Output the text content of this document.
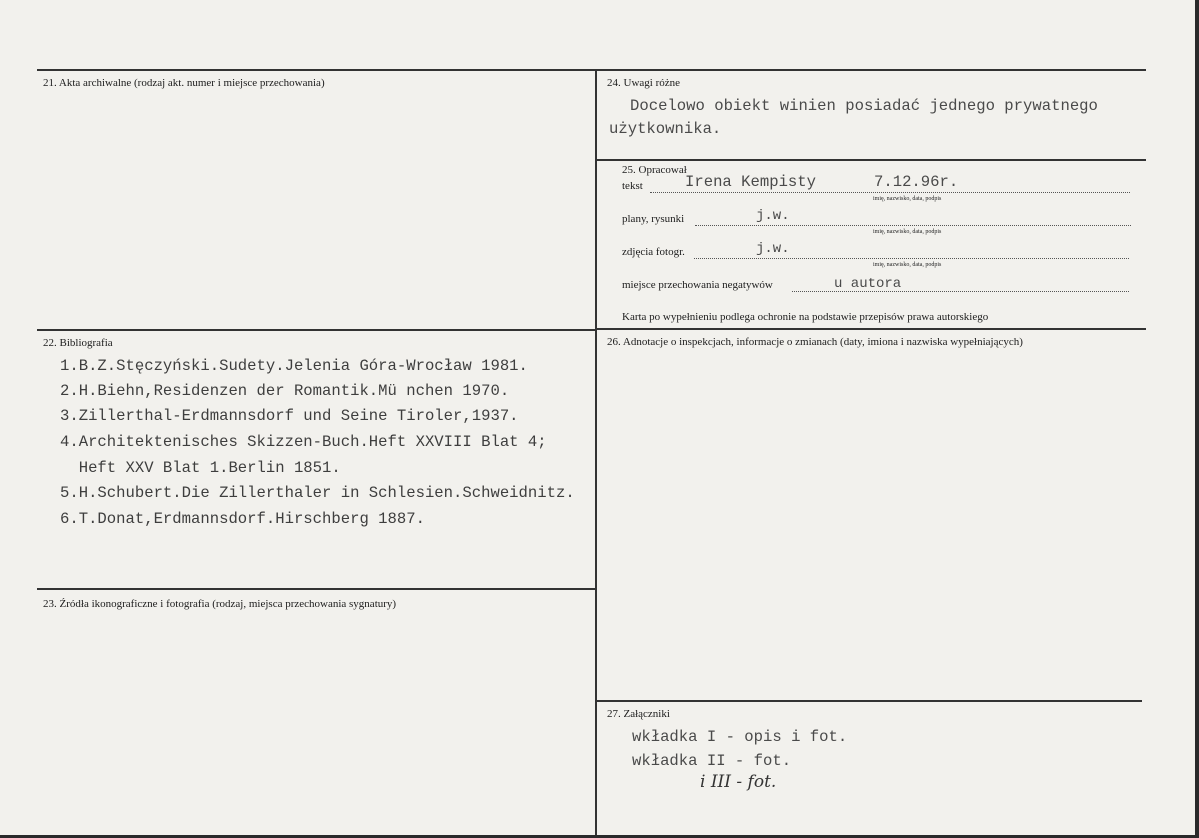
21. Akta archiwalne (rodzaj akt. numer i miejsce przechowania)
22. Bibliografia
1.B.Z.Stęczyński.Sudety.Jelenia Góra-Wrocław 1981.
2.H.Biehn,Residenzen der Romantik.Mü nchen 1970.
3.Zillerthal-Erdmannsdorf und Seine Tiroler,1937.
4.Architektenisches Skizzen-Buch.Heft XXVIII Blat 4;
Heft XXV Blat 1.Berlin 1851.
5.H.Schubert.Die Zillerthaler in Schlesien.Schweidnitz.
6.T.Donat,Erdmannsdorf.Hirschberg 1887.
23. Źródła ikonograficzne i fotografia (rodzaj, miejsca przechowania sygnatury)
24. Uwagi różne
Docelowo obiekt winien posiadać jednego prywatnego
użytkownika.
25. Opracował
tekst	Irena Kempisty	7.12.96r.
imię, nazwisko, data, podpis
plany, rysunki	j.w.
imię, nazwisko, data, podpis
zdjęcia fotogr.	j.w.
imię, nazwisko, data, podpis
miejsce przechowania negatywów	u autora
Karta po wypełnieniu podlega ochronie na podstawie przepisów prawa autorskiego
26. Adnotacje o inspekcjach, informacje o zmianach (daty, imiona i nazwiska wypełniających)
27. Załączniki
wkładka I - opis i fot.
wkładka II - fot.
i III - fot.
